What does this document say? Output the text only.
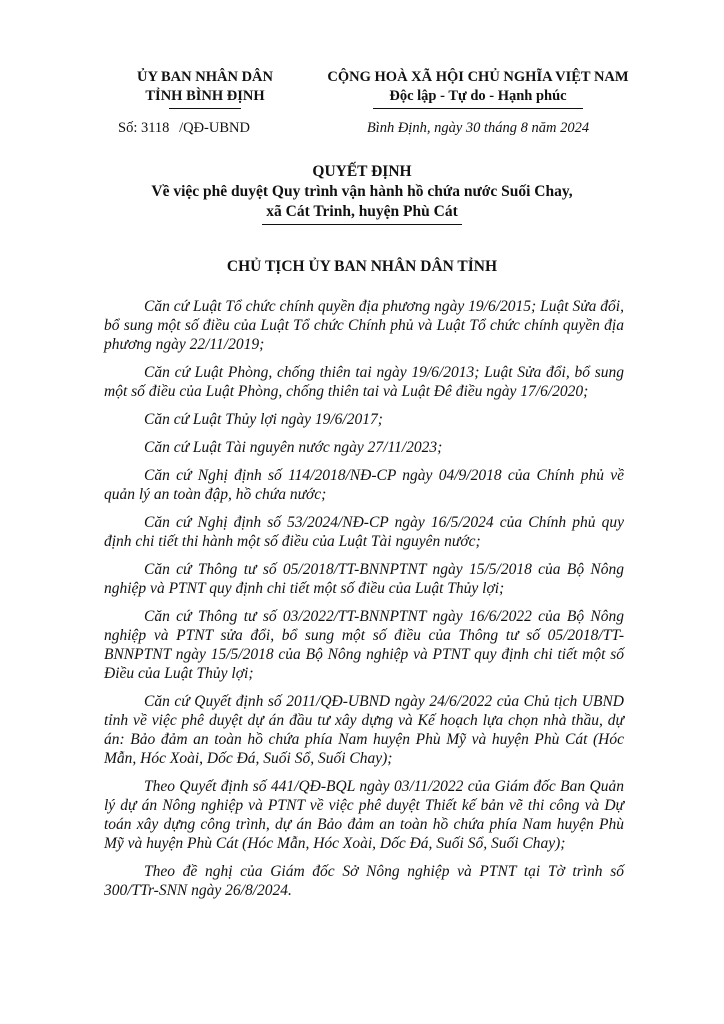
ỦY BAN NHÂN DÂN
TỈNH BÌNH ĐỊNH
CỘNG HOÀ XÃ HỘI CHỦ NGHĨA VIỆT NAM
Độc lập - Tự do - Hạnh phúc
Số: 3118 /QĐ-UBND	Bình Định, ngày 30 tháng 8 năm 2024
QUYẾT ĐỊNH
Về việc phê duyệt Quy trình vận hành hồ chứa nước Suối Chay,
xã Cát Trinh, huyện Phù Cát
CHỦ TỊCH ỦY BAN NHÂN DÂN TỈNH

Căn cứ Luật Tổ chức chính quyền địa phương ngày 19/6/2015; Luật Sửa đổi, bổ sung một số điều của Luật Tổ chức Chính phủ và Luật Tổ chức chính quyền địa phương ngày 22/11/2019;

Căn cứ Luật Phòng, chống thiên tai ngày 19/6/2013; Luật Sửa đổi, bổ sung một số điều của Luật Phòng, chống thiên tai và Luật Đê điều ngày 17/6/2020;

Căn cứ Luật Thủy lợi ngày 19/6/2017;

Căn cứ Luật Tài nguyên nước ngày 27/11/2023;

Căn cứ Nghị định số 114/2018/NĐ-CP ngày 04/9/2018 của Chính phủ về quản lý an toàn đập, hồ chứa nước;

Căn cứ Nghị định số 53/2024/NĐ-CP ngày 16/5/2024 của Chính phủ quy định chi tiết thi hành một số điều của Luật Tài nguyên nước;

Căn cứ Thông tư số 05/2018/TT-BNNPTNT ngày 15/5/2018 của Bộ Nông nghiệp và PTNT quy định chi tiết một số điều của Luật Thủy lợi;

Căn cứ Thông tư số 03/2022/TT-BNNPTNT ngày 16/6/2022 của Bộ Nông nghiệp và PTNT sửa đổi, bổ sung một số điều của Thông tư số 05/2018/TT-BNNPTNT ngày 15/5/2018 của Bộ Nông nghiệp và PTNT quy định chi tiết một số Điều của Luật Thủy lợi;

Căn cứ Quyết định số 2011/QĐ-UBND ngày 24/6/2022 của Chủ tịch UBND tỉnh về việc phê duyệt dự án đầu tư xây dựng và Kế hoạch lựa chọn nhà thầu, dự án: Bảo đảm an toàn hồ chứa phía Nam huyện Phù Mỹ và huyện Phù Cát (Hóc Mẫn, Hóc Xoài, Dốc Đá, Suối Sổ, Suối Chay);

Theo Quyết định số 441/QĐ-BQL ngày 03/11/2022 của Giám đốc Ban Quản lý dự án Nông nghiệp và PTNT về việc phê duyệt Thiết kế bản vẽ thi công và Dự toán xây dựng công trình, dự án Bảo đảm an toàn hồ chứa phía Nam huyện Phù Mỹ và huyện Phù Cát (Hóc Mẫn, Hóc Xoài, Dốc Đá, Suối Sổ, Suối Chay);

Theo đề nghị của Giám đốc Sở Nông nghiệp và PTNT tại Tờ trình số 300/TTr-SNN ngày 26/8/2024.
